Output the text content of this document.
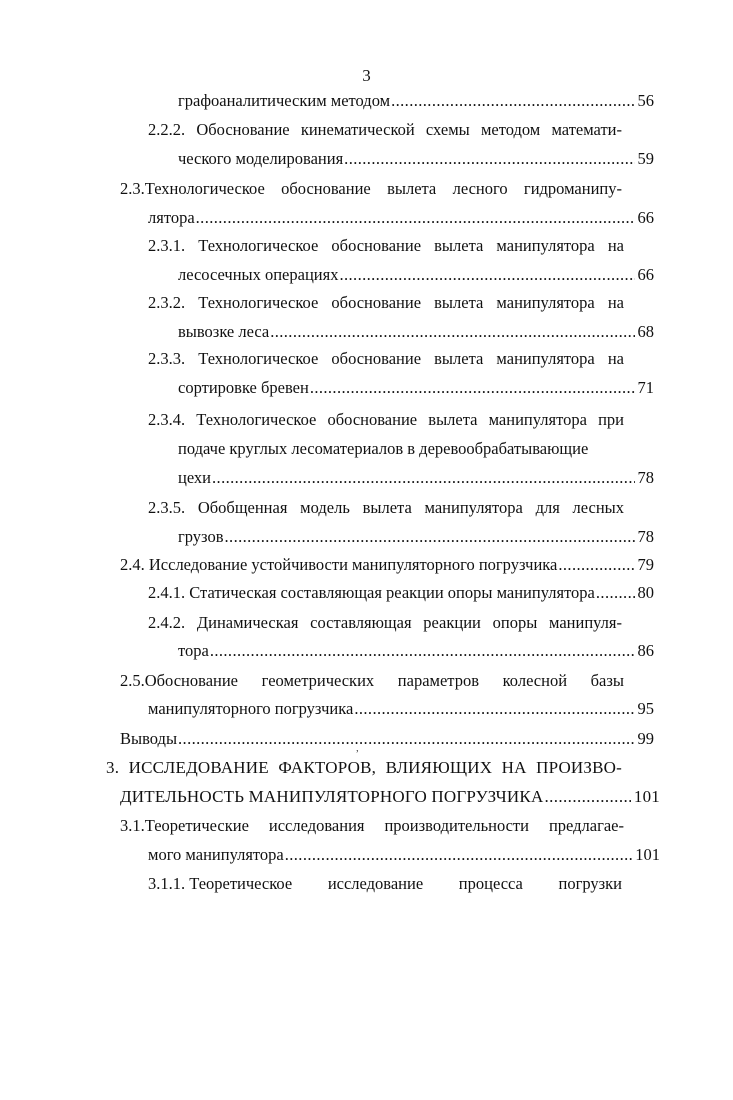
3
графоаналитическим методом .....	56
2.2.2. Обоснование кинематической схемы методом математи-
ческого моделирования .....	59
2.3.Технологическое обоснование вылета лесного гидроманипу-
лятора .....	66
2.3.1. Технологическое обоснование вылета манипулятора на
лесосечных операциях .....	66
2.3.2. Технологическое обоснование вылета манипулятора на
вывозке леса .....	68
2.3.3. Технологическое обоснование вылета манипулятора на
сортировке бревен .....	71
2.3.4. Технологическое обоснование вылета манипулятора при
подаче круглых лесоматериалов в деревообрабатывающие
цехи .....	78
2.3.5. Обобщенная модель вылета манипулятора для лесных
грузов .....	78
2.4. Исследование устойчивости манипуляторного погрузчика .....	79
2.4.1. Статическая составляющая реакции опоры манипулятора .....	80
2.4.2. Динамическая составляющая реакции опоры манипуля-
тора .....	86
2.5.Обоснование геометрических параметров колесной базы
манипуляторного погрузчика .....	95
Выводы .....	99
,
3. ИССЛЕДОВАНИЕ ФАКТОРОВ, ВЛИЯЮЩИХ НА ПРОИЗВО-
ДИТЕЛЬНОСТЬ МАНИПУЛЯТОРНОГО ПОГРУЗЧИКА .....	101
3.1.Теоретические исследования производительности предлагае-
мого манипулятора .....	101
3.1.1. Теоретическое исследование процесса погрузки
